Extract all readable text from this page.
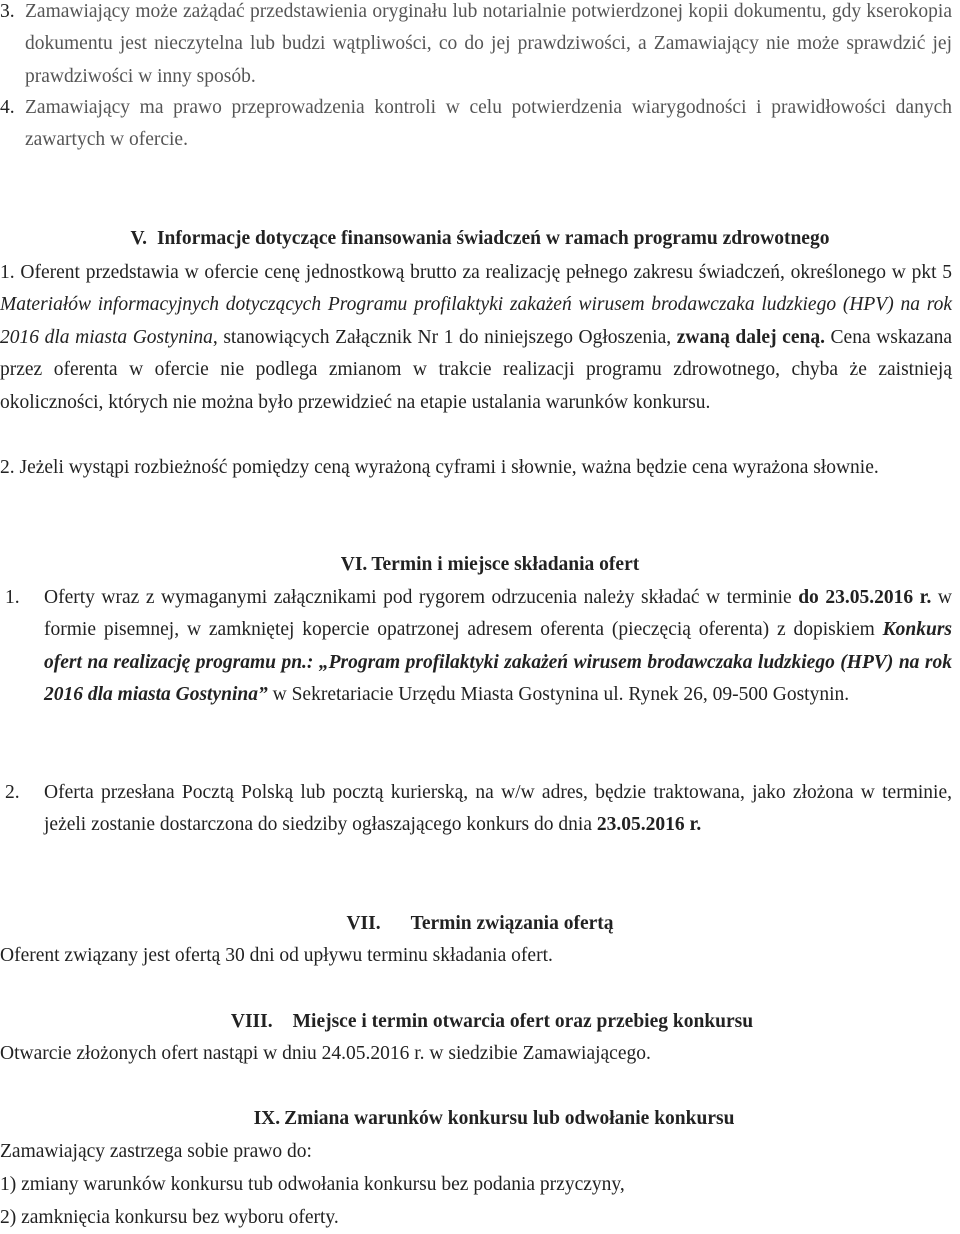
3. Zamawiający może zażądać przedstawienia oryginału lub notarialnie potwierdzonej kopii dokumentu, gdy kserokopia dokumentu jest nieczytelna lub budzi wątpliwości, co do jej prawdziwości, a Zamawiający nie może sprawdzić jej prawdziwości w inny sposób.
4. Zamawiający ma prawo przeprowadzenia kontroli w celu potwierdzenia wiarygodności i prawidłowości danych zawartych w ofercie.
V. Informacje dotyczące finansowania świadczeń w ramach programu zdrowotnego
1. Oferent przedstawia w ofercie cenę jednostkową brutto za realizację pełnego zakresu świadczeń, określonego w pkt 5 Materiałów informacyjnych dotyczących Programu profilaktyki zakażeń wirusem brodawczaka ludzkiego (HPV) na rok 2016 dla miasta Gostynina, stanowiących Załącznik Nr 1 do niniejszego Ogłoszenia, zwaną dalej ceną. Cena wskazana przez oferenta w ofercie nie podlega zmianom w trakcie realizacji programu zdrowotnego, chyba że zaistnieją okoliczności, których nie można było przewidzieć na etapie ustalania warunków konkursu.
2. Jeżeli wystąpi rozbieżność pomiędzy ceną wyrażoną cyframi i słownie, ważna będzie cena wyrażona słownie.
VI. Termin i miejsce składania ofert
1. Oferty wraz z wymaganymi załącznikami pod rygorem odrzucenia należy składać w terminie do 23.05.2016 r. w formie pisemnej, w zamkniętej kopercie opatrzonej adresem oferenta (pieczęcią oferenta) z dopiskiem Konkurs ofert na realizację programu pn.: „Program profilaktyki zakażeń wirusem brodawczaka ludzkiego (HPV) na rok 2016 dla miasta Gostynina” w Sekretariacie Urzędu Miasta Gostynina ul. Rynek 26, 09-500 Gostynin.
2. Oferta przesłana Pocztą Polską lub pocztą kurierską, na w/w adres, będzie traktowana, jako złożona w terminie, jeżeli zostanie dostarczona do siedziby ogłaszającego konkurs do dnia 23.05.2016 r.
VII. Termin związania ofertą
Oferent związany jest ofertą 30 dni od upływu terminu składania ofert.
VIII. Miejsce i termin otwarcia ofert oraz przebieg konkursu
Otwarcie złożonych ofert nastąpi w dniu 24.05.2016 r. w siedzibie Zamawiającego.
IX. Zmiana warunków konkursu lub odwołanie konkursu
Zamawiający zastrzega sobie prawo do:
1) zmiany warunków konkursu tub odwołania konkursu bez podania przyczyny,
2) zamknięcia konkursu bez wyboru oferty.
